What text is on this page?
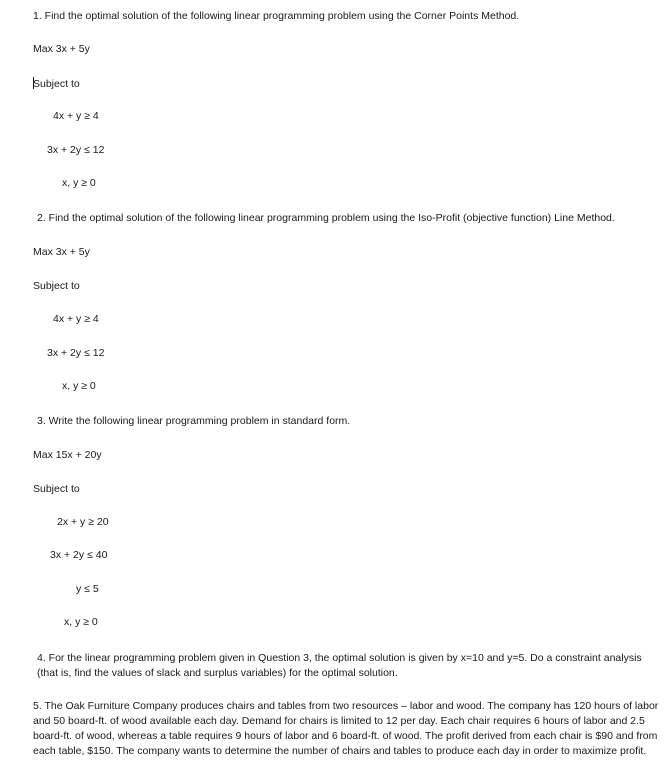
1. Find the optimal solution of the following linear programming problem using the Corner Points Method.
Max 3x + 5y
Subject to
4x + y ≥ 4
3x + 2y ≤ 12
x, y ≥ 0
2. Find the optimal solution of the following linear programming problem using the Iso-Profit (objective function) Line Method.
Max 3x + 5y
Subject to
4x + y ≥ 4
3x + 2y ≤ 12
x, y ≥ 0
3. Write the following linear programming problem in standard form.
Max 15x + 20y
Subject to
2x + y ≥ 20
3x + 2y ≤ 40
y ≤ 5
x, y ≥ 0
4. For the linear programming problem given in Question 3, the optimal solution is given by x=10 and y=5. Do a constraint analysis (that is, find the values of slack and surplus variables) for the optimal solution.
5. The Oak Furniture Company produces chairs and tables from two resources – labor and wood. The company has 120 hours of labor and 50 board-ft. of wood available each day. Demand for chairs is limited to 12 per day. Each chair requires 6 hours of labor and 2.5 board-ft. of wood, whereas a table requires 9 hours of labor and 6 board-ft. of wood. The profit derived from each chair is $90 and from each table, $150. The company wants to determine the number of chairs and tables to produce each day in order to maximize profit.
